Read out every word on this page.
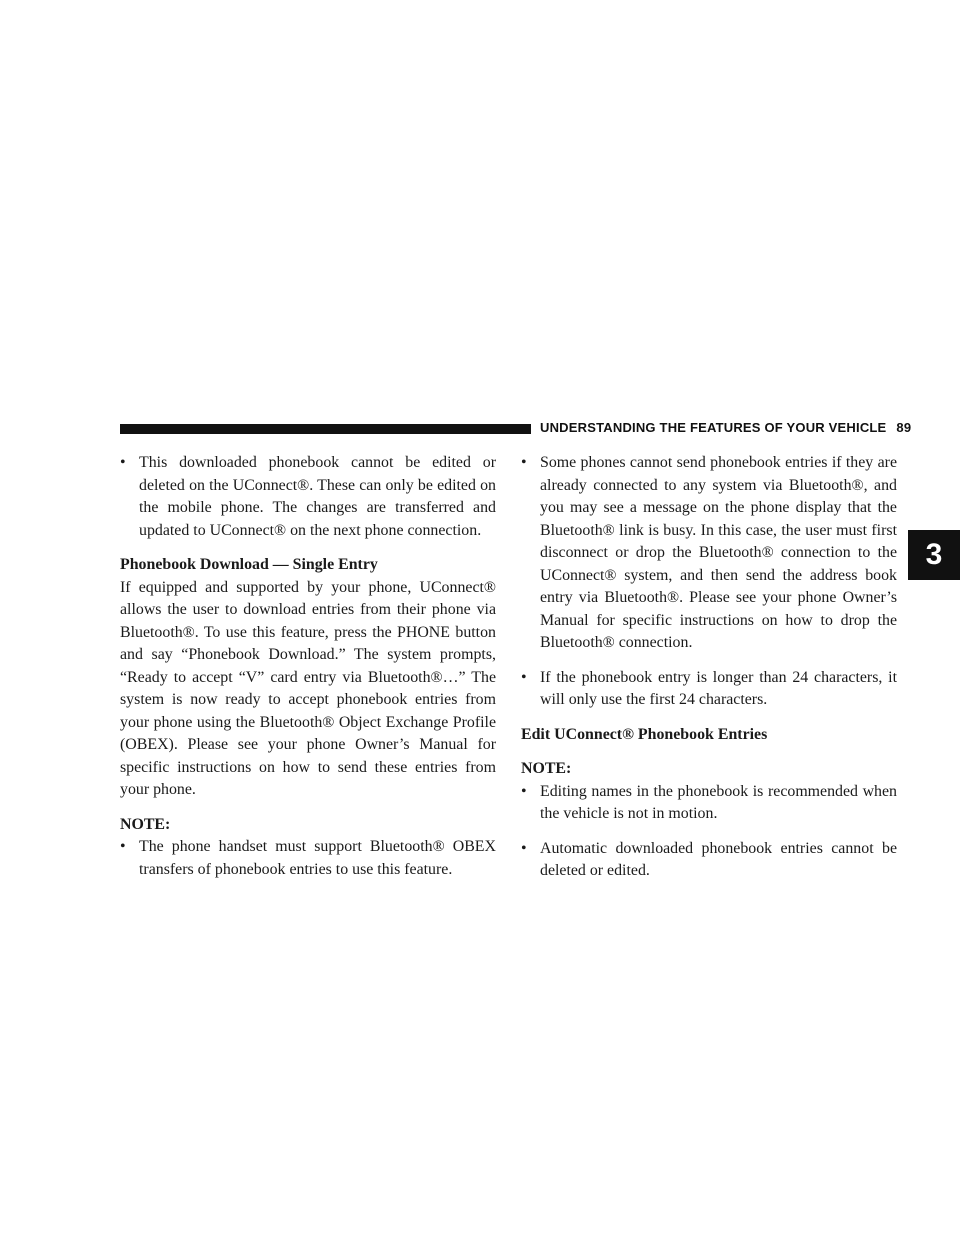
UNDERSTANDING THE FEATURES OF YOUR VEHICLE 89
3
• This downloaded phonebook cannot be edited or deleted on the UConnect®. These can only be edited on the mobile phone. The changes are transferred and updated to UConnect® on the next phone connection.
Phonebook Download — Single Entry
If equipped and supported by your phone, UConnect® allows the user to download entries from their phone via Bluetooth®. To use this feature, press the PHONE button and say “Phonebook Download.” The system prompts, “Ready to accept “V” card entry via Bluetooth®…” The system is now ready to accept phonebook entries from your phone using the Bluetooth® Object Exchange Profile (OBEX). Please see your phone Owner’s Manual for specific instructions on how to send these entries from your phone.
NOTE:
• The phone handset must support Bluetooth® OBEX transfers of phonebook entries to use this feature.
• Some phones cannot send phonebook entries if they are already connected to any system via Bluetooth®, and you may see a message on the phone display that the Bluetooth® link is busy. In this case, the user must first disconnect or drop the Bluetooth® connection to the UConnect® system, and then send the address book entry via Bluetooth®. Please see your phone Owner’s Manual for specific instructions on how to drop the Bluetooth® connection.
• If the phonebook entry is longer than 24 characters, it will only use the first 24 characters.
Edit UConnect® Phonebook Entries
NOTE:
• Editing names in the phonebook is recommended when the vehicle is not in motion.
• Automatic downloaded phonebook entries cannot be deleted or edited.
